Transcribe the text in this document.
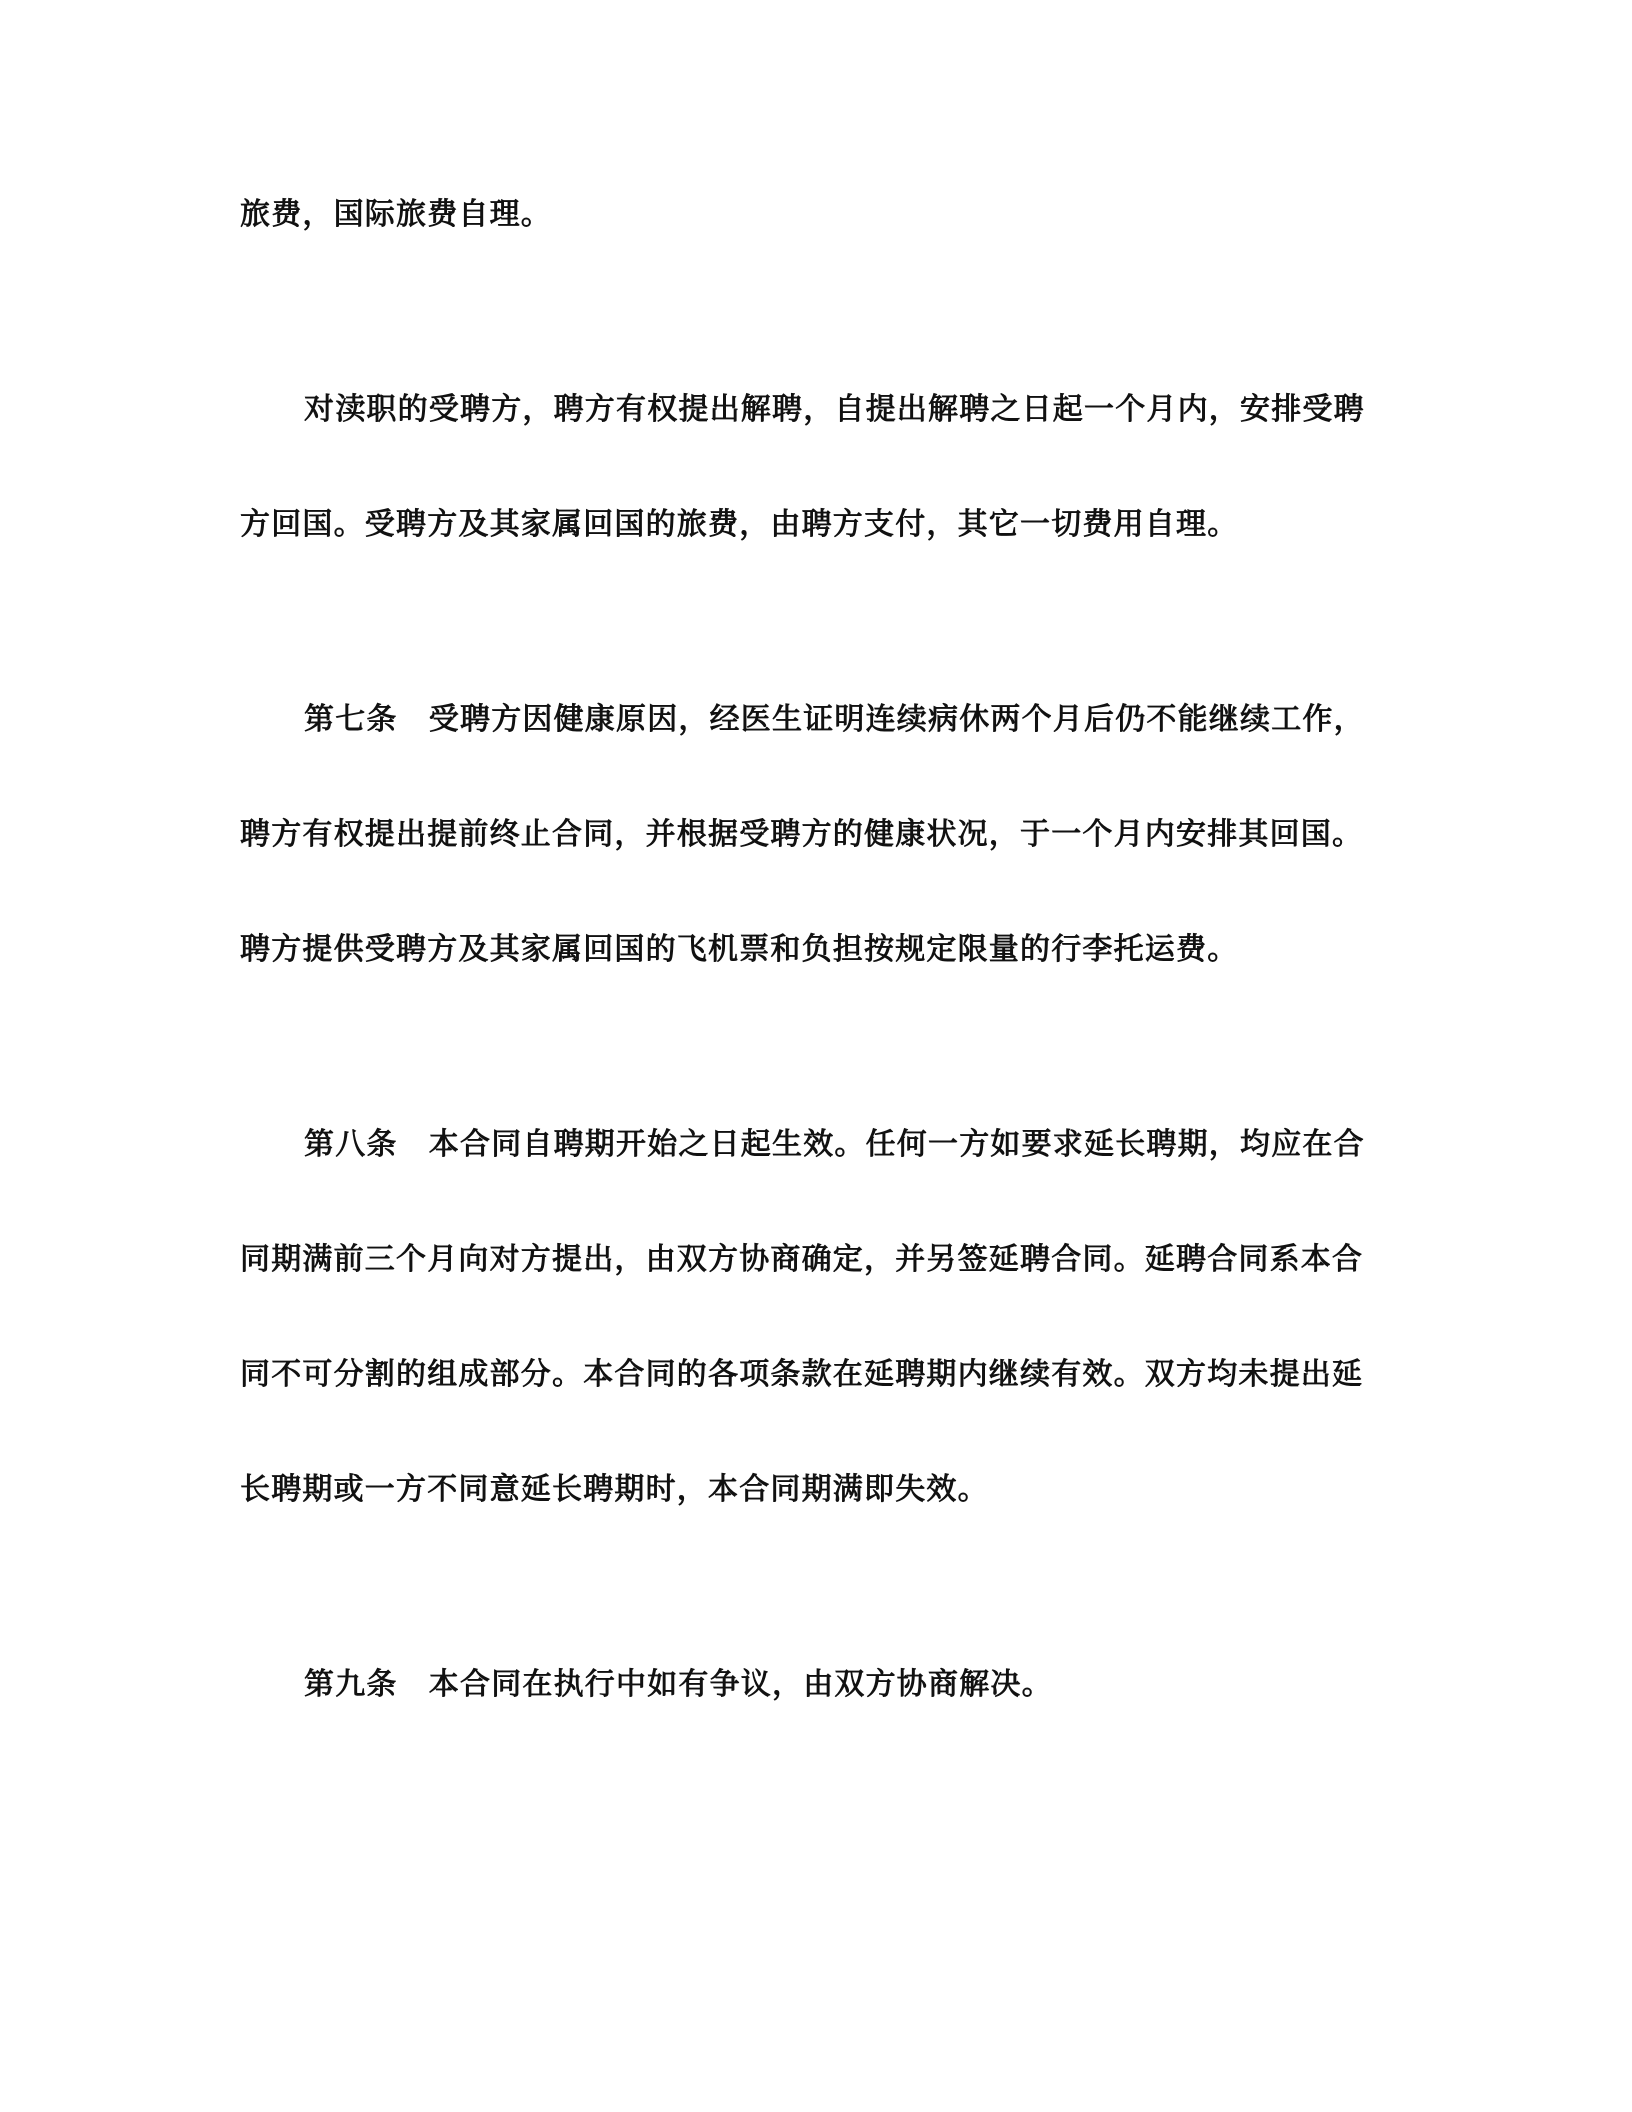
旅费，国际旅费自理。
对渎职的受聘方，聘方有权提出解聘，自提出解聘之日起一个月内，安排受聘
方回国。受聘方及其家属回国的旅费，由聘方支付，其它一切费用自理。
第七条　受聘方因健康原因，经医生证明连续病休两个月后仍不能继续工作，
聘方有权提出提前终止合同，并根据受聘方的健康状况，于一个月内安排其回国。
聘方提供受聘方及其家属回国的飞机票和负担按规定限量的行李托运费。
第八条　本合同自聘期开始之日起生效。任何一方如要求延长聘期，均应在合
同期满前三个月向对方提出，由双方协商确定，并另签延聘合同。延聘合同系本合
同不可分割的组成部分。本合同的各项条款在延聘期内继续有效。双方均未提出延
长聘期或一方不同意延长聘期时，本合同期满即失效。
第九条　本合同在执行中如有争议，由双方协商解决。
